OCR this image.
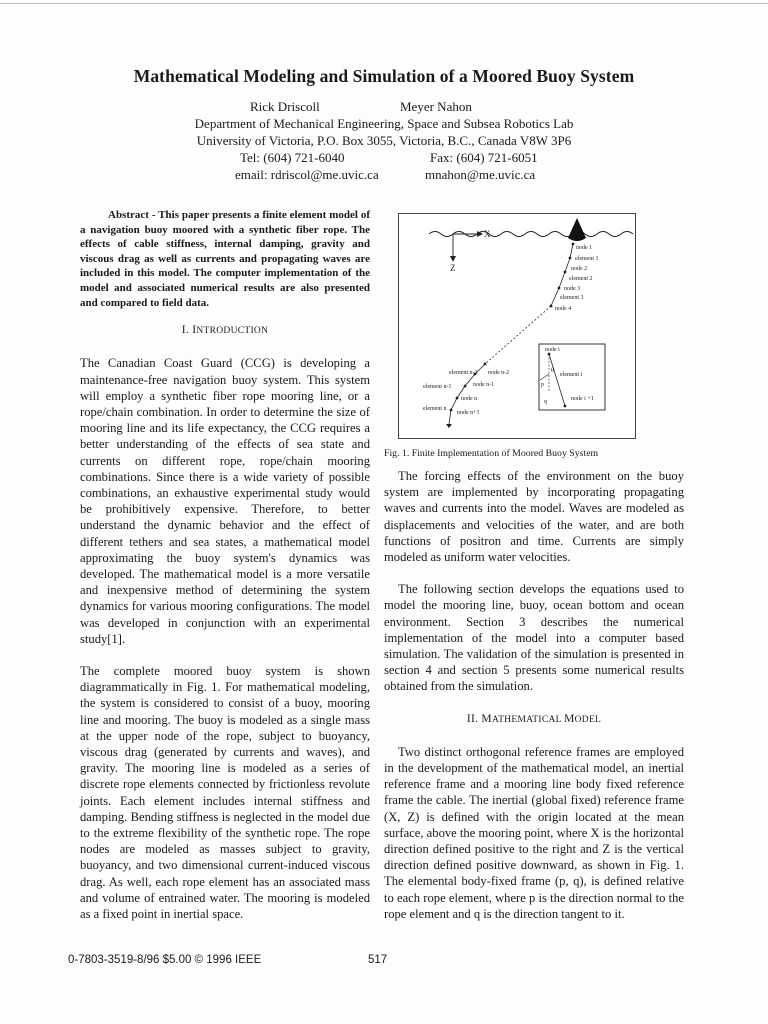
Mathematical Modeling and Simulation of a Moored Buoy System
Rick Driscoll	Meyer Nahon
Department of Mechanical Engineering, Space and Subsea Robotics Lab
University of Victoria, P.O. Box 3055, Victoria, B.C., Canada V8W 3P6
Tel: (604) 721-6040	Fax: (604) 721-6051
email: rdriscol@me.uvic.ca	mnahon@me.uvic.ca

Abstract - This paper presents a finite element model of a navigation buoy moored with a synthetic fiber rope. The effects of cable stiffness, internal damping, gravity and viscous drag as well as currents and propagating waves are included in this model. The computer implementation of the model and associated numerical results are also presented and compared to field data.

I. INTRODUCTION

The Canadian Coast Guard (CCG) is developing a maintenance-free navigation buoy system. This system will employ a synthetic fiber rope mooring line, or a rope/chain combination. In order to determine the size of mooring line and its life expectancy, the CCG requires a better understanding of the effects of sea state and currents on different rope, rope/chain mooring combinations. Since there is a wide variety of possible combinations, an exhaustive experimental study would be prohibitively expensive. Therefore, to better understand the dynamic behavior and the effect of different tethers and sea states, a mathematical model approximating the buoy system's dynamics was developed. The mathematical model is a more versatile and inexpensive method of determining the system dynamics for various mooring configurations. The model was developed in conjunction with an experimental study[1].

The complete moored buoy system is shown diagrammatically in Fig. 1. For mathematical modeling, the system is considered to consist of a buoy, mooring line and mooring. The buoy is modeled as a single mass at the upper node of the rope, subject to buoyancy, viscous drag (generated by currents and waves), and gravity. The mooring line is modeled as a series of discrete rope elements connected by frictionless revolute joints. Each element includes internal stiffness and damping. Bending stiffness is neglected in the model due to the extreme flexibility of the synthetic rope. The rope nodes are modeled as masses subject to gravity, buoyancy, and two dimensional current-induced viscous drag. As well, each rope element has an associated mass and volume of entrained water. The mooring is modeled as a fixed point in inertial space.

X
Z
node 1
element 1
node 2
element 2
node 3
element 3
node 4
element n-2 node n-2
element n-1	node n-1
node n
element n
node n+1
node i
element i
node i +1
θ
p
q
Fig. 1. Finite Implementation of Moored Buoy System

The forcing effects of the environment on the buoy system are implemented by incorporating propagating waves and currents into the model. Waves are modeled as displacements and velocities of the water, and are both functions of positron and time. Currents are simply modeled as uniform water velocities.

The following section develops the equations used to model the mooring line, buoy, ocean bottom and ocean environment. Section 3 describes the numerical implementation of the model into a computer based simulation. The validation of the simulation is presented in section 4 and section 5 presents some numerical results obtained from the simulation.

II. MATHEMATICAL MODEL

Two distinct orthogonal reference frames are employed in the development of the mathematical model, an inertial reference frame and a mooring line body fixed reference frame the cable. The inertial (global fixed) reference frame (X, Z) is defined with the origin located at the mean surface, above the mooring point, where X is the horizontal direction defined positive to the right and Z is the vertical direction defined positive downward, as shown in Fig. 1. The elemental body-fixed frame (p, q), is defined relative to each rope element, where p is the direction normal to the rope element and q is the direction tangent to it.

0-7803-3519-8/96 $5.00 © 1996 IEEE	517
